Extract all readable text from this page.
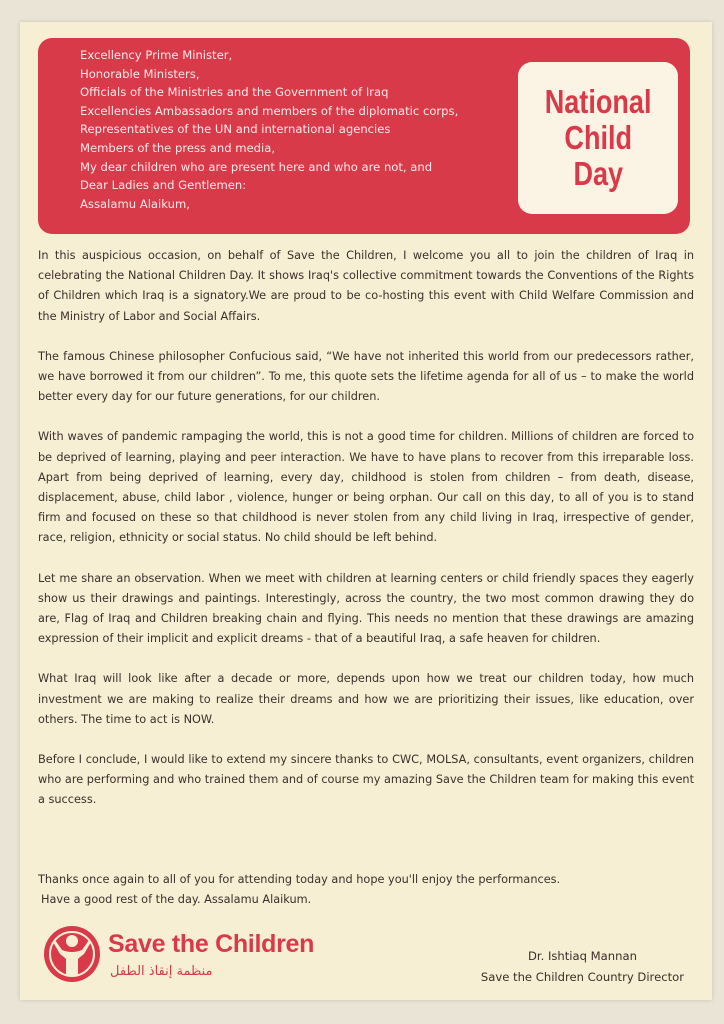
Excellency Prime Minister,
Honorable Ministers,
Officials of the Ministries and the Government of Iraq
Excellencies Ambassadors and members of the diplomatic corps,
Representatives of the UN and international agencies
Members of the press and media,
My dear children who are present here and who are not, and
Dear Ladies and Gentlemen:
Assalamu Alaikum,
National
Child
Day

In this auspicious occasion, on behalf of Save the Children, I welcome you all to join the children of Iraq in celebrating the National Children Day. It shows Iraq's collective commitment towards the Conventions of the Rights of Children which Iraq is a signatory.We are proud to be co-hosting this event with Child Welfare Commission and the Ministry of Labor and Social Affairs.

The famous Chinese philosopher Confucious said, “We have not inherited this world from our predecessors rather, we have borrowed it from our children”. To me, this quote sets the lifetime agenda for all of us – to make the world better every day for our future generations, for our children.

With waves of pandemic rampaging the world, this is not a good time for children. Millions of children are forced to be deprived of learning, playing and peer interaction. We have to have plans to recover from this irreparable loss. Apart from being deprived of learning, every day, childhood is stolen from children – from death, disease, displacement, abuse, child labor , violence, hunger or being orphan. Our call on this day, to all of you is to stand firm and focused on these so that childhood is never stolen from any child living in Iraq, irrespective of gender, race, religion, ethnicity or social status. No child should be left behind.

Let me share an observation. When we meet with children at learning centers or child friendly spaces they eagerly show us their drawings and paintings. Interestingly, across the country, the two most common drawing they do are, Flag of Iraq and Children breaking chain and flying. This needs no mention that these drawings are amazing expression of their implicit and explicit dreams - that of a beautiful Iraq, a safe heaven for children.

What Iraq will look like after a decade or more, depends upon how we treat our children today, how much investment we are making to realize their dreams and how we are prioritizing their issues, like education, over others. The time to act is NOW.

Before I conclude, I would like to extend my sincere thanks to CWC, MOLSA, consultants, event organizers, children who are performing and who trained them and of course my amazing Save the Children team for making this event a success.

Thanks once again to all of you for attending today and hope you'll enjoy the performances.
Have a good rest of the day. Assalamu Alaikum.
Save the Children
منظمة إنقاذ الطفل
Dr. Ishtiaq Mannan
Save the Children Country Director
